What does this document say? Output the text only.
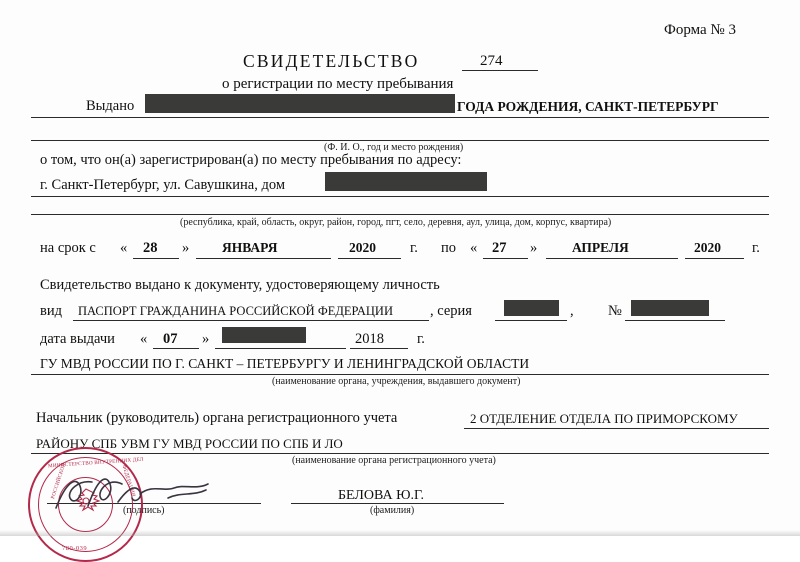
Форма № 3
СВИДЕТЕЛЬСТВО	274
о регистрации по месту пребывания
Выдано	ГОДА РОЖДЕНИЯ, САНКТ-ПЕТЕРБУРГ
(Ф. И. О., год и место рождения)
о том, что он(а) зарегистрирован(а) по месту пребывания по адресу:
г. Санкт-Петербург, ул. Савушкина, дом
(республика, край, область, округ, район, город, пгт, село, деревня, аул, улица, дом, корпус, квартира)
на срок с « 28 » ЯНВАРЯ	2020 г. по « 27 »	АПРЕЛЯ	2020 г.
Свидетельство выдано к документу, удостоверяющему личность
вид ПАСПОРТ ГРАЖДАНИНА РОССИЙСКОЙ ФЕДЕРАЦИИ	, серия	, №
дата выдачи « 07 »	2018 г.
ГУ МВД РОССИИ ПО Г. САНКТ – ПЕТЕРБУРГУ И ЛЕНИНГРАДСКОЙ ОБЛАСТИ
(наименование органа, учреждения, выдавшего документ)
Начальник (руководитель) органа регистрационного учета	2 ОТДЕЛЕНИЕ ОТДЕЛА ПО ПРИМОРСКОМУ
РАЙОНУ СПБ УВМ ГУ МВД РОССИИ ПО СПБ И ЛО
(наименование органа регистрационного учета)
(подпись)
БЕЛОВА Ю.Г.
(фамилия)
МИНИСТЕРСТВО ВНУТРЕННИХ ДЕЛ
РОССИЙСКОЙ	ФЕДЕРАЦИИ
780-039
